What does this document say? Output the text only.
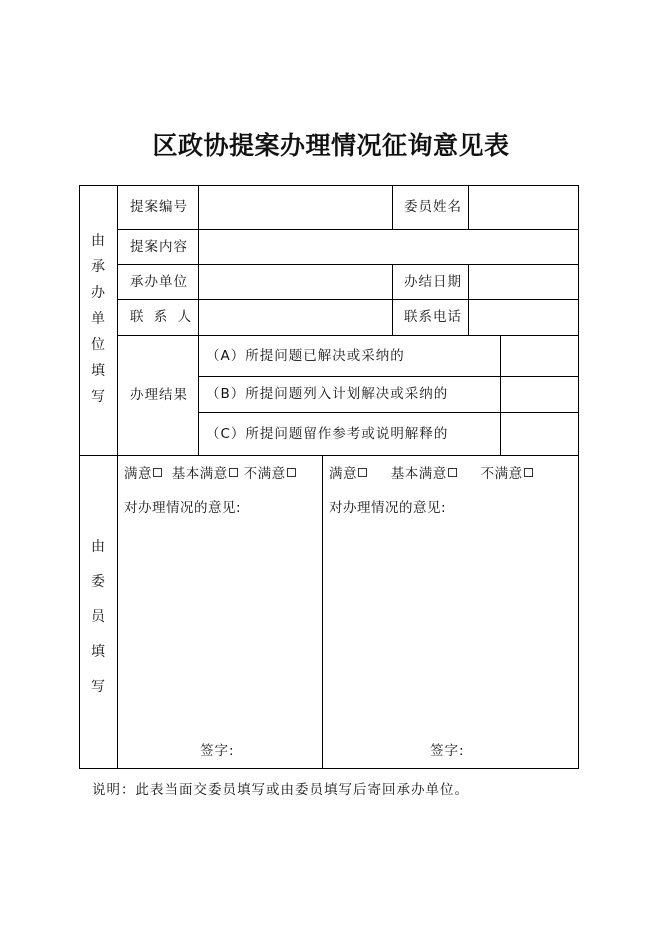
区政协提案办理情况征询意见表
由
承
办
单
位
填
写
提案编号	委员姓名
提案内容
承办单位	办结日期
联 系 人	联系电话
办理结果
（A）所提问题已解决或采纳的
（B）所提问题列入计划解决或采纳的
（C）所提问题留作参考或说明解释的
由
委
员
填
写
满意 基本满意 不满意
对办理情况的意见:
签字:
满意	基本满意	不满意
对办理情况的意见:
签字:
说明：此表当面交委员填写或由委员填写后寄回承办单位。
